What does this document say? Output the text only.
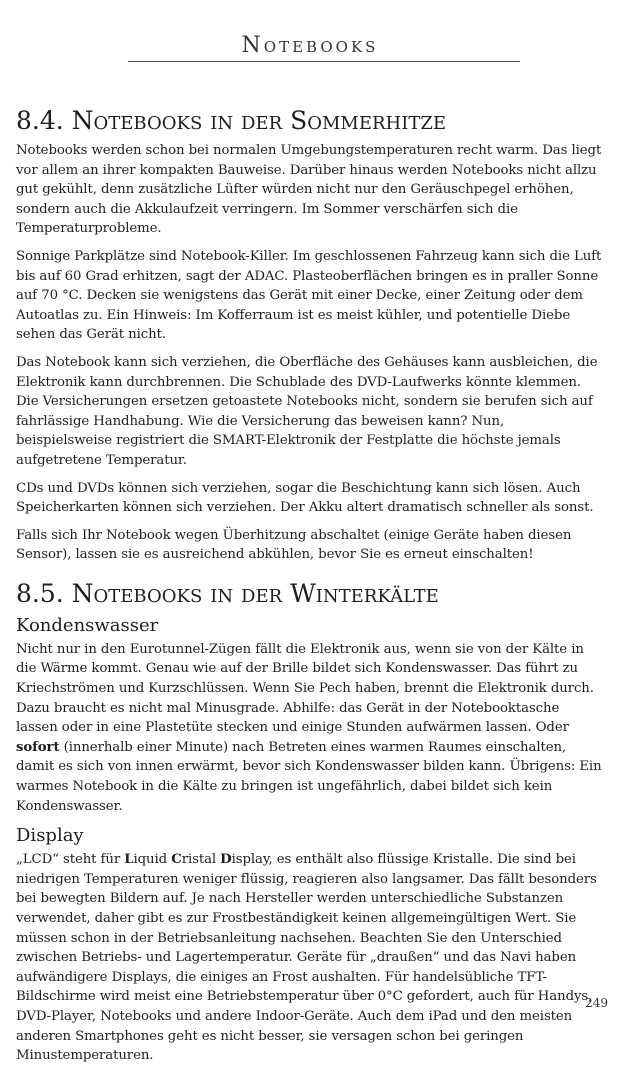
Notebooks
8.4. Notebooks in der Sommerhitze

Notebooks werden schon bei normalen Umgebungstemperaturen recht warm. Das liegt vor allem an ihrer kompakten Bauweise. Darüber hinaus werden Notebooks nicht allzu gut gekühlt, denn zusätzliche Lüfter würden nicht nur den Geräuschpegel erhöhen, sondern auch die Akkulaufzeit verringern. Im Sommer verschärfen sich die Temperaturprobleme.

Sonnige Parkplätze sind Notebook-Killer. Im geschlossenen Fahrzeug kann sich die Luft bis auf 60 Grad erhitzen, sagt der ADAC. Plasteoberflächen bringen es in praller Sonne auf 70 °C. Decken sie wenigstens das Gerät mit einer Decke, einer Zeitung oder dem Autoatlas zu. Ein Hinweis: Im Kofferraum ist es meist kühler, und potentielle Diebe sehen das Gerät nicht.

Das Notebook kann sich verziehen, die Oberfläche des Gehäuses kann ausbleichen, die Elektronik kann durchbrennen. Die Schublade des DVD-Laufwerks könnte klemmen. Die Versicherungen ersetzen getoastete Notebooks nicht, sondern sie berufen sich auf fahrlässige Handhabung. Wie die Versicherung das beweisen kann? Nun, beispielsweise registriert die SMART-Elektronik der Festplatte die höchste jemals aufgetretene Temperatur.

CDs und DVDs können sich verziehen, sogar die Beschichtung kann sich lösen. Auch Speicherkarten können sich verziehen. Der Akku altert dramatisch schneller als sonst.

Falls sich Ihr Notebook wegen Überhitzung abschaltet (einige Geräte haben diesen Sensor), lassen sie es ausreichend abkühlen, bevor Sie es erneut einschalten!

8.5. Notebooks in der Winterkälte
Kondenswasser

Nicht nur in den Eurotunnel-Zügen fällt die Elektronik aus, wenn sie von der Kälte in die Wärme kommt. Genau wie auf der Brille bildet sich Kondenswasser. Das führt zu Kriechströmen und Kurzschlüssen. Wenn Sie Pech haben, brennt die Elektronik durch. Dazu braucht es nicht mal Minusgrade. Abhilfe: das Gerät in der Notebooktasche lassen oder in eine Plastetüte stecken und einige Stunden aufwärmen lassen. Oder sofort (innerhalb einer Minute) nach Betreten eines warmen Raumes einschalten, damit es sich von innen erwärmt, bevor sich Kondenswasser bilden kann. Übrigens: Ein warmes Notebook in die Kälte zu bringen ist ungefährlich, dabei bildet sich kein Kondenswasser.

Display

„LCD“ steht für Liquid Cristal Display, es enthält also flüssige Kristalle. Die sind bei niedrigen Temperaturen weniger flüssig, reagieren also langsamer. Das fällt besonders bei bewegten Bildern auf. Je nach Hersteller werden unterschiedliche Substanzen verwendet, daher gibt es zur Frostbeständigkeit keinen allgemeingültigen Wert. Sie müssen schon in der Betriebsanleitung nachsehen. Beachten Sie den Unterschied zwischen Betriebs- und Lagertemperatur. Geräte für „draußen“ und das Navi haben aufwändigere Displays, die einiges an Frost aushalten. Für handelsübliche TFT-Bildschirme wird meist eine Betriebstemperatur über 0°C gefordert, auch für Handys, DVD-Player, Notebooks und andere Indoor-Geräte. Auch dem iPad und den meisten anderen Smartphones geht es nicht besser, sie versagen schon bei geringen Minustemperaturen.

249
